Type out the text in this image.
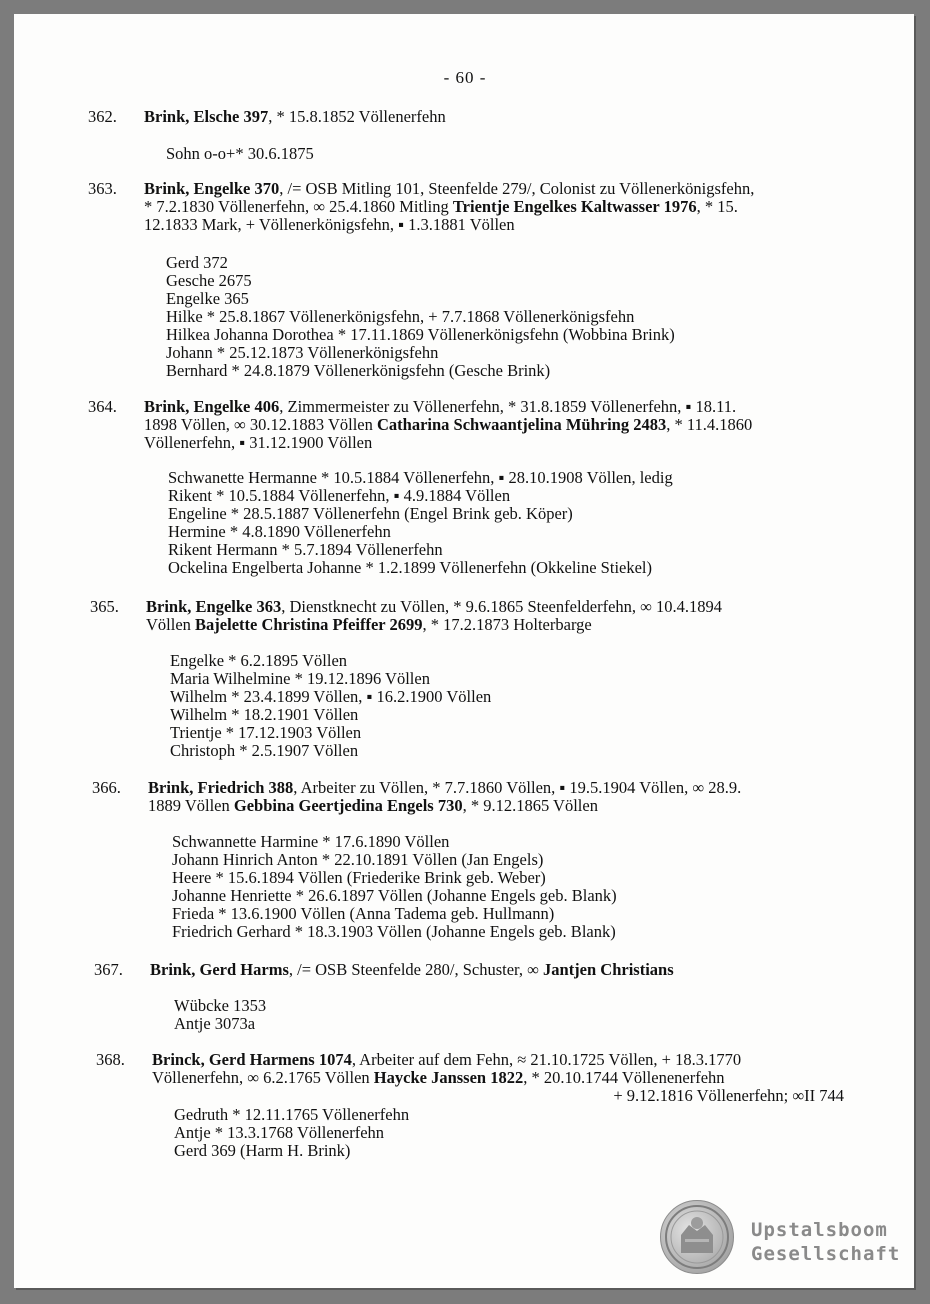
- 60 -
362. Brink, Elsche 397, * 15.8.1852 Völlenerfehn
Sohn o-o+* 30.6.1875
363. Brink, Engelke 370, /= OSB Mitling 101, Steenfelde 279/, Colonist zu Völlenerkönigsfehn,
* 7.2.1830 Völlenerfehn, ∞ 25.4.1860 Mitling Trientje Engelkes Kaltwasser 1976, * 15.
12.1833 Mark, + Völlenerkönigsfehn, ▪ 1.3.1881 Völlen
Gerd 372
Gesche 2675
Engelke 365
Hilke * 25.8.1867 Völlenerkönigsfehn, + 7.7.1868 Völlenerkönigsfehn
Hilkea Johanna Dorothea * 17.11.1869 Völlenerkönigsfehn (Wobbina Brink)
Johann * 25.12.1873 Völlenerkönigsfehn
Bernhard * 24.8.1879 Völlenerkönigsfehn (Gesche Brink)
364. Brink, Engelke 406, Zimmermeister zu Völlenerfehn, * 31.8.1859 Völlenerfehn, ▪ 18.11.
1898 Völlen, ∞ 30.12.1883 Völlen Catharina Schwaantjelina Mühring 2483, * 11.4.1860
Völlenerfehn, ▪ 31.12.1900 Völlen
Schwanette Hermanne * 10.5.1884 Völlenerfehn, ▪ 28.10.1908 Völlen, ledig
Rikent * 10.5.1884 Völlenerfehn, ▪ 4.9.1884 Völlen
Engeline * 28.5.1887 Völlenerfehn (Engel Brink geb. Köper)
Hermine * 4.8.1890 Völlenerfehn
Rikent Hermann * 5.7.1894 Völlenerfehn
Ockelina Engelberta Johanne * 1.2.1899 Völlenerfehn (Okkeline Stiekel)
365. Brink, Engelke 363, Dienstknecht zu Völlen, * 9.6.1865 Steenfelderfehn, ∞ 10.4.1894
Völlen Bajelette Christina Pfeiffer 2699, * 17.2.1873 Holterbarge
Engelke * 6.2.1895 Völlen
Maria Wilhelmine * 19.12.1896 Völlen
Wilhelm * 23.4.1899 Völlen, ▪ 16.2.1900 Völlen
Wilhelm * 18.2.1901 Völlen
Trientje * 17.12.1903 Völlen
Christoph * 2.5.1907 Völlen
366. Brink, Friedrich 388, Arbeiter zu Völlen, * 7.7.1860 Völlen, ▪ 19.5.1904 Völlen, ∞ 28.9.
1889 Völlen Gebbina Geertjedina Engels 730, * 9.12.1865 Völlen
Schwannette Harmine * 17.6.1890 Völlen
Johann Hinrich Anton * 22.10.1891 Völlen (Jan Engels)
Heere * 15.6.1894 Völlen (Friederike Brink geb. Weber)
Johanne Henriette * 26.6.1897 Völlen (Johanne Engels geb. Blank)
Frieda * 13.6.1900 Völlen (Anna Tadema geb. Hullmann)
Friedrich Gerhard * 18.3.1903 Völlen (Johanne Engels geb. Blank)
367. Brink, Gerd Harms, /= OSB Steenfelde 280/, Schuster, ∞ Jantjen Christians
Wübcke 1353
Antje 3073a
368. Brinck, Gerd Harmens 1074, Arbeiter auf dem Fehn, ≈ 21.10.1725 Völlen, + 18.3.1770
Völlenerfehn, ∞ 6.2.1765 Völlen Haycke Janssen 1822, * 20.10.1744 Völlenenerfehn
+ 9.12.1816 Völlenerfehn; ∞II 744
Gedruth * 12.11.1765 Völlenerfehn
Antje * 13.3.1768 Völlenerfehn
Gerd 369 (Harm H. Brink)
Upstalsboom
Gesellschaft
